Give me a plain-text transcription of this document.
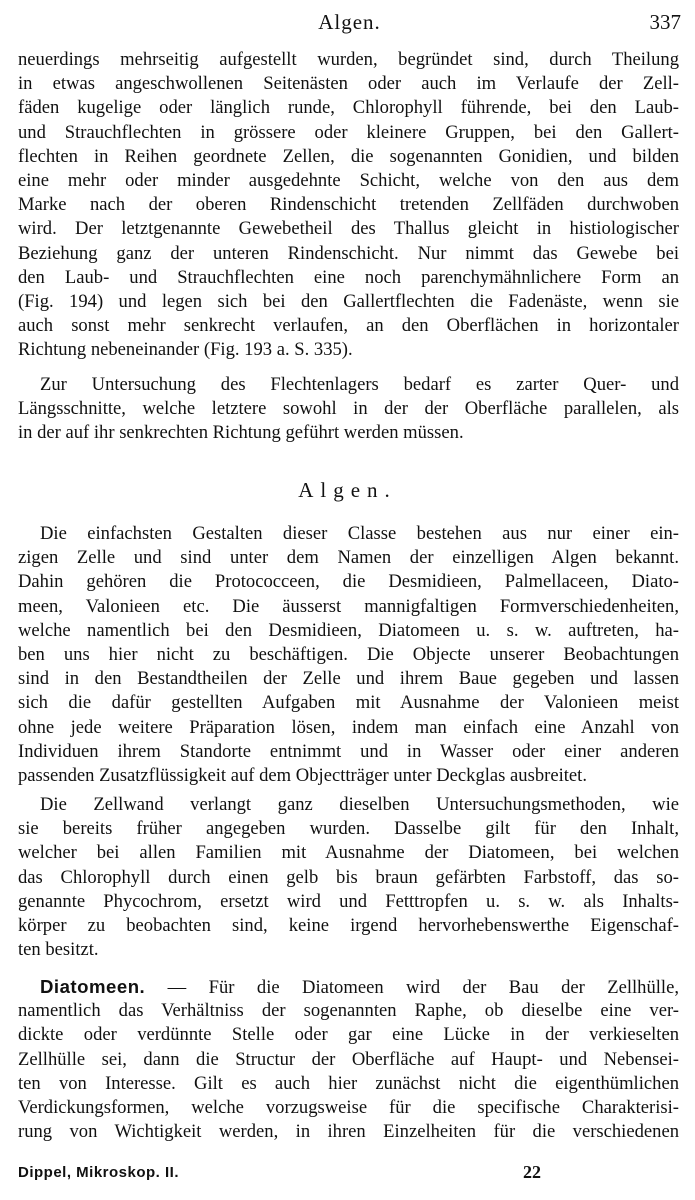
Algen.	337
neuerdings mehrseitig aufgestellt wurden, begründet sind, durch Theilung
in etwas angeschwollenen Seitenästen oder auch im Verlaufe der Zell-
fäden kugelige oder länglich runde, Chlorophyll führende, bei den Laub-
und Strauchflechten in grössere oder kleinere Gruppen, bei den Gallert-
flechten in Reihen geordnete Zellen, die sogenannten Gonidien, und bilden
eine mehr oder minder ausgedehnte Schicht, welche von den aus dem
Marke nach der oberen Rindenschicht tretenden Zellfäden durchwoben
wird. Der letztgenannte Gewebetheil des Thallus gleicht in histiologischer
Beziehung ganz der unteren Rindenschicht. Nur nimmt das Gewebe bei
den Laub- und Strauchflechten eine noch parenchymähnlichere Form an
(Fig. 194) und legen sich bei den Gallertflechten die Fadenäste, wenn sie
auch sonst mehr senkrecht verlaufen, an den Oberflächen in horizontaler
Richtung nebeneinander (Fig. 193 a. S. 335).
Zur Untersuchung des Flechtenlagers bedarf es zarter Quer- und
Längsschnitte, welche letztere sowohl in der der Oberfläche parallelen, als
in der auf ihr senkrechten Richtung geführt werden müssen.
Algen.
Die einfachsten Gestalten dieser Classe bestehen aus nur einer ein-
zigen Zelle und sind unter dem Namen der einzelligen Algen bekannt.
Dahin gehören die Protococceen, die Desmidieen, Palmellaceen, Diato-
meen, Valonieen etc. Die äusserst mannigfaltigen Formverschiedenheiten,
welche namentlich bei den Desmidieen, Diatomeen u. s. w. auftreten, ha-
ben uns hier nicht zu beschäftigen. Die Objecte unserer Beobachtungen
sind in den Bestandtheilen der Zelle und ihrem Baue gegeben und lassen
sich die dafür gestellten Aufgaben mit Ausnahme der Valonieen meist
ohne jede weitere Präparation lösen, indem man einfach eine Anzahl von
Individuen ihrem Standorte entnimmt und in Wasser oder einer anderen
passenden Zusatzflüssigkeit auf dem Objectträger unter Deckglas ausbreitet.
Die Zellwand verlangt ganz dieselben Untersuchungsmethoden, wie
sie bereits früher angegeben wurden. Dasselbe gilt für den Inhalt,
welcher bei allen Familien mit Ausnahme der Diatomeen, bei welchen
das Chlorophyll durch einen gelb bis braun gefärbten Farbstoff, das so-
genannte Phycochrom, ersetzt wird und Fetttropfen u. s. w. als Inhalts-
körper zu beobachten sind, keine irgend hervorhebenswerthe Eigenschaf-
ten besitzt.
Diatomeen. — Für die Diatomeen wird der Bau der Zellhülle,
namentlich das Verhältniss der sogenannten Raphe, ob dieselbe eine ver-
dickte oder verdünnte Stelle oder gar eine Lücke in der verkieselten
Zellhülle sei, dann die Structur der Oberfläche auf Haupt- und Nebensei-
ten von Interesse. Gilt es auch hier zunächst nicht die eigenthümlichen
Verdickungsformen, welche vorzugsweise für die specifische Charakterisi-
rung von Wichtigkeit werden, in ihren Einzelheiten für die verschiedenen
Dippel, Mikroskop. II.	22
